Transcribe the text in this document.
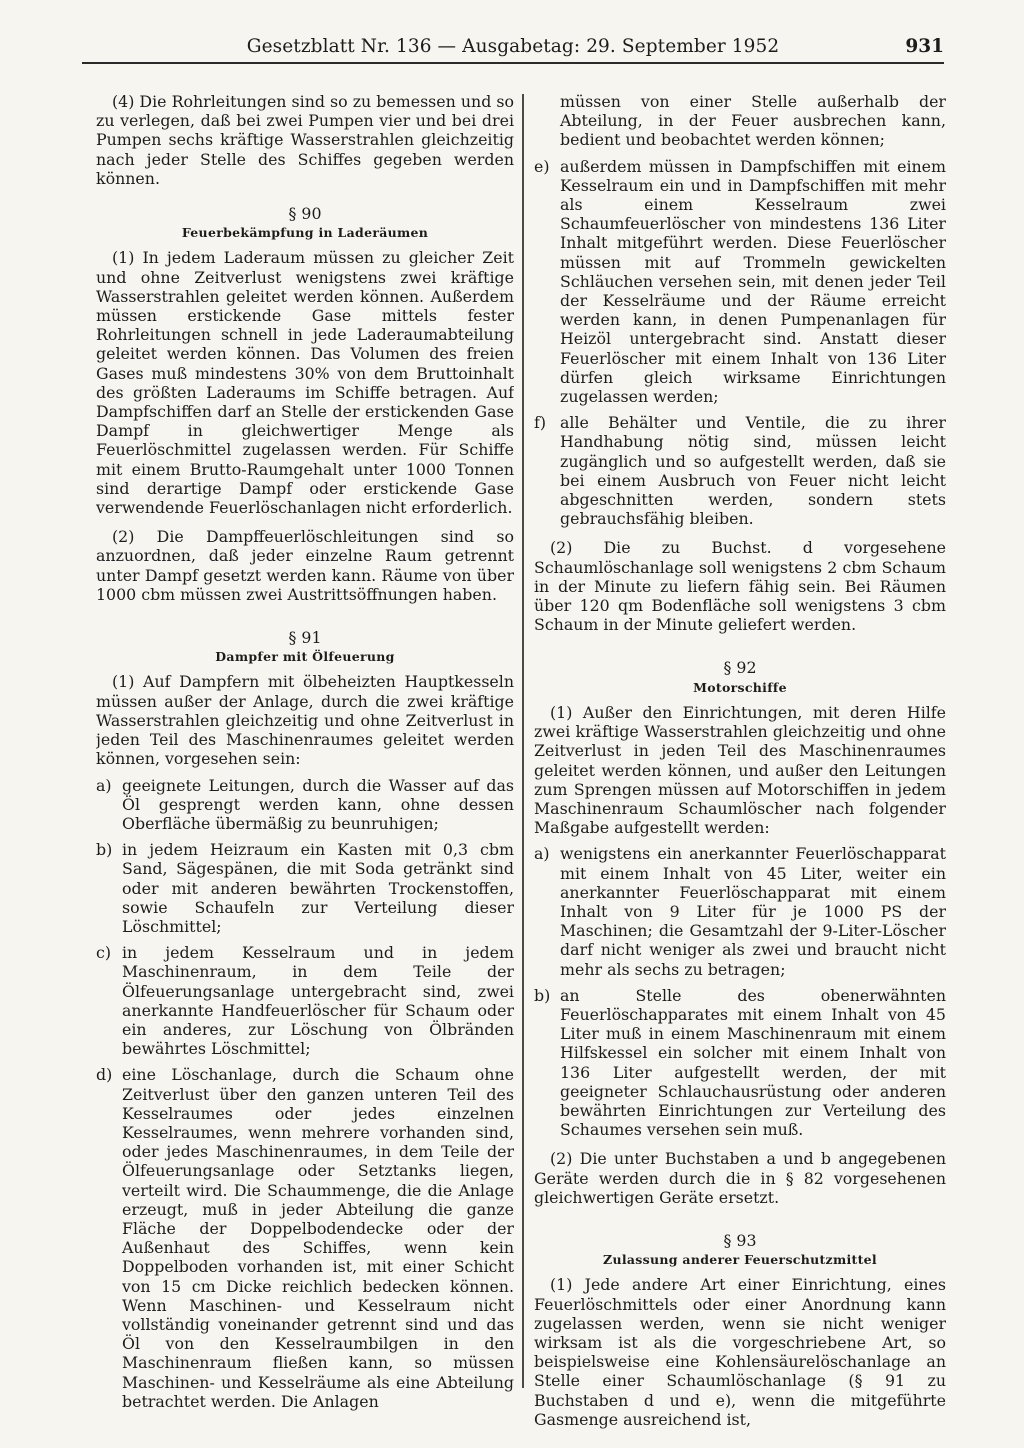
Gesetzblatt Nr. 136 — Ausgabetag: 29. September 1952	931

(4) Die Rohrleitungen sind so zu bemessen und so zu verlegen, daß bei zwei Pumpen vier und bei drei Pumpen sechs kräftige Wasserstrahlen gleichzeitig nach jeder Stelle des Schiffes gegeben werden können.

§ 90
Feuerbekämpfung in Laderäumen

(1) In jedem Laderaum müssen zu gleicher Zeit und ohne Zeitverlust wenigstens zwei kräftige Wasserstrahlen geleitet werden können. Außerdem müssen erstickende Gase mittels fester Rohrleitungen schnell in jede Laderaumabteilung geleitet werden können. Das Volumen des freien Gases muß mindestens 30% von dem Bruttoinhalt des größten Laderaums im Schiffe betragen. Auf Dampfschiffen darf an Stelle der erstickenden Gase Dampf in gleichwertiger Menge als Feuerlöschmittel zugelassen werden. Für Schiffe mit einem Brutto-Raumgehalt unter 1000 Tonnen sind derartige Dampf oder erstickende Gase verwendende Feuerlöschanlagen nicht erforderlich.

(2) Die Dampffeuerlöschleitungen sind so anzuordnen, daß jeder einzelne Raum getrennt unter Dampf gesetzt werden kann. Räume von über 1000 cbm müssen zwei Austrittsöffnungen haben.

§ 91
Dampfer mit Ölfeuerung

(1) Auf Dampfern mit ölbeheizten Hauptkesseln müssen außer der Anlage, durch die zwei kräftige Wasserstrahlen gleichzeitig und ohne Zeitverlust in jeden Teil des Maschinenraumes geleitet werden können, vorgesehen sein:

a) geeignete Leitungen, durch die Wasser auf das Öl gesprengt werden kann, ohne dessen Oberfläche übermäßig zu beunruhigen;
b) in jedem Heizraum ein Kasten mit 0,3 cbm Sand, Sägespänen, die mit Soda getränkt sind oder mit anderen bewährten Trockenstoffen, sowie Schaufeln zur Verteilung dieser Löschmittel;
c) in jedem Kesselraum und in jedem Maschinenraum, in dem Teile der Ölfeuerungsanlage untergebracht sind, zwei anerkannte Handfeuerlöscher für Schaum oder ein anderes, zur Löschung von Ölbränden bewährtes Löschmittel;
d) eine Löschanlage, durch die Schaum ohne Zeitverlust über den ganzen unteren Teil des Kesselraumes oder jedes einzelnen Kesselraumes, wenn mehrere vorhanden sind, oder jedes Maschinenraumes, in dem Teile der Ölfeuerungsanlage oder Setztanks liegen, verteilt wird. Die Schaummenge, die die Anlage erzeugt, muß in jeder Abteilung die ganze Fläche der Doppelbodendecke oder der Außenhaut des Schiffes, wenn kein Doppelboden vorhanden ist, mit einer Schicht von 15 cm Dicke reichlich bedecken können. Wenn Maschinen- und Kesselraum nicht vollständig voneinander getrennt sind und das Öl von den Kesselraumbilgen in den Maschinenraum fließen kann, so müssen Maschinen- und Kesselräume als eine Abteilung betrachtet werden. Die Anlagen

müssen von einer Stelle außerhalb der Abteilung, in der Feuer ausbrechen kann, bedient und beobachtet werden können;

e) außerdem müssen in Dampfschiffen mit einem Kesselraum ein und in Dampfschiffen mit mehr als einem Kesselraum zwei Schaumfeuerlöscher von mindestens 136 Liter Inhalt mitgeführt werden. Diese Feuerlöscher müssen mit auf Trommeln gewickelten Schläuchen versehen sein, mit denen jeder Teil der Kesselräume und der Räume erreicht werden kann, in denen Pumpenanlagen für Heizöl untergebracht sind. Anstatt dieser Feuerlöscher mit einem Inhalt von 136 Liter dürfen gleich wirksame Einrichtungen zugelassen werden;
f) alle Behälter und Ventile, die zu ihrer Handhabung nötig sind, müssen leicht zugänglich und so aufgestellt werden, daß sie bei einem Ausbruch von Feuer nicht leicht abgeschnitten werden, sondern stets gebrauchsfähig bleiben.

(2) Die zu Buchst. d vorgesehene Schaumlöschanlage soll wenigstens 2 cbm Schaum in der Minute zu liefern fähig sein. Bei Räumen über 120 qm Bodenfläche soll wenigstens 3 cbm Schaum in der Minute geliefert werden.

§ 92
Motorschiffe

(1) Außer den Einrichtungen, mit deren Hilfe zwei kräftige Wasserstrahlen gleichzeitig und ohne Zeitverlust in jeden Teil des Maschinenraumes geleitet werden können, und außer den Leitungen zum Sprengen müssen auf Motorschiffen in jedem Maschinenraum Schaumlöscher nach folgender Maßgabe aufgestellt werden:

a) wenigstens ein anerkannter Feuerlöschapparat mit einem Inhalt von 45 Liter, weiter ein anerkannter Feuerlöschapparat mit einem Inhalt von 9 Liter für je 1000 PS der Maschinen; die Gesamtzahl der 9-Liter-Löscher darf nicht weniger als zwei und braucht nicht mehr als sechs zu betragen;
b) an Stelle des obenerwähnten Feuerlöschapparates mit einem Inhalt von 45 Liter muß in einem Maschinenraum mit einem Hilfskessel ein solcher mit einem Inhalt von 136 Liter aufgestellt werden, der mit geeigneter Schlauchausrüstung oder anderen bewährten Einrichtungen zur Verteilung des Schaumes versehen sein muß.

(2) Die unter Buchstaben a und b angegebenen Geräte werden durch die in § 82 vorgesehenen gleichwertigen Geräte ersetzt.

§ 93
Zulassung anderer Feuerschutzmittel

(1) Jede andere Art einer Einrichtung, eines Feuerlöschmittels oder einer Anordnung kann zugelassen werden, wenn sie nicht weniger wirksam ist als die vorgeschriebene Art, so beispielsweise eine Kohlensäurelöschanlage an Stelle einer Schaumlöschanlage (§ 91 zu Buchstaben d und e), wenn die mitgeführte Gasmenge ausreichend ist,
